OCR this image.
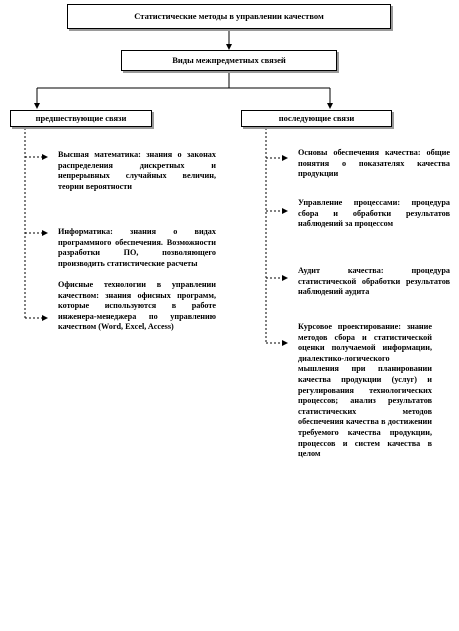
Статистические методы в управлении качеством
Виды межпредметных связей
предшествующие связи	последующие связи
Высшая математика: знания о законах распределения дискретных и непрерывных случайных величин, теории вероятности
Информатика: знания о видах программного обеспечения. Возможности разработки ПО, позволяющего производить статистические расчеты
Офисные технологии в управлении качеством: знания офисных программ, которые используются в работе инженера-менеджера по управлению качеством (Word, Excel, Access)
Основы обеспечения качества: общие понятия о показателях качества продукции
Управление процессами: процедура сбора и обработки результатов наблюдений за процессом
Аудит качества: процедура статистической обработки результатов наблюдений аудита
Курсовое проектирование: знание методов сбора и статистической оценки получаемой информации, диалектико-логического мышления при планировании качества продукции (услуг) и регулирования технологических процессов; анализ результатов статистических методов обеспечения качества в достижении требуемого качества продукции, процессов и систем качества в целом
